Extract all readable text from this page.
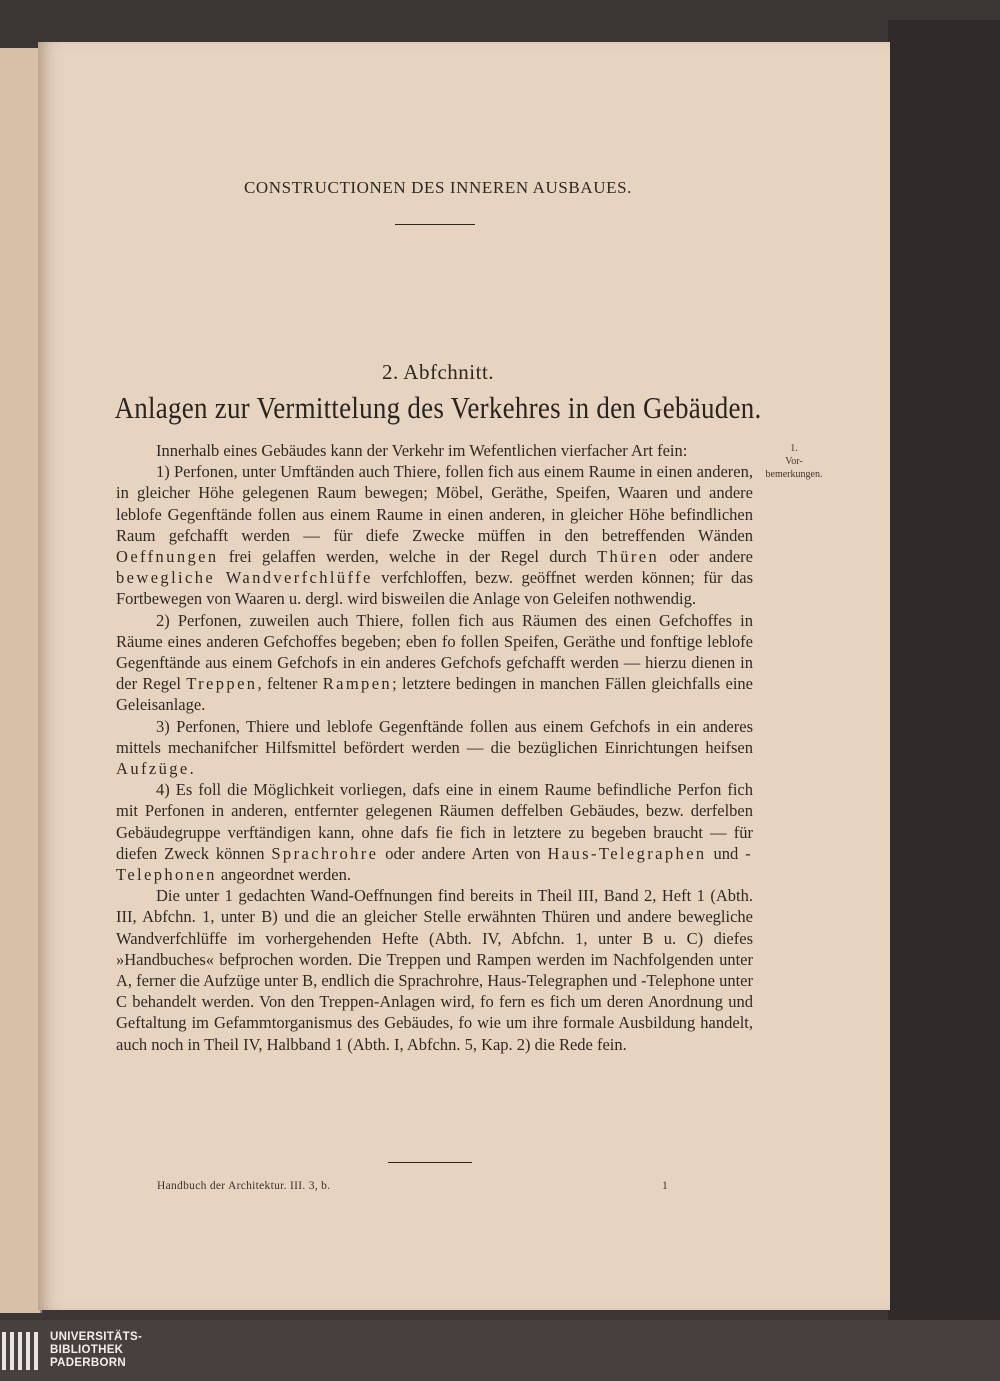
CONSTRUCTIONEN DES INNEREN AUSBAUES.
2. Abfchnitt.
Anlagen zur Vermittelung des Verkehres in den Gebäuden.
1.
Vor-
bemerkungen.

Innerhalb eines Gebäudes kann der Verkehr im Wefentlichen vierfacher Art fein:

1) Perfonen, unter Umftänden auch Thiere, follen fich aus einem Raume in einen anderen, in gleicher Höhe gelegenen Raum bewegen; Möbel, Geräthe, Speifen, Waaren und andere leblofe Gegenftände follen aus einem Raume in einen anderen, in gleicher Höhe befindlichen Raum gefchafft werden — für diefe Zwecke müffen in den betreffenden Wänden Oeffnungen frei gelaffen werden, welche in der Regel durch Thüren oder andere bewegliche Wandverfchlüffe verfchloffen, bezw. geöffnet werden können; für das Fortbewegen von Waaren u. dergl. wird bisweilen die Anlage von Geleifen nothwendig.

2) Perfonen, zuweilen auch Thiere, follen fich aus Räumen des einen Gefchoffes in Räume eines anderen Gefchoffes begeben; eben fo follen Speifen, Geräthe und fonftige leblofe Gegenftände aus einem Gefchofs in ein anderes Gefchofs gefchafft werden — hierzu dienen in der Regel Treppen, feltener Rampen; letztere bedingen in manchen Fällen gleichfalls eine Geleisanlage.

3) Perfonen, Thiere und leblofe Gegenftände follen aus einem Gefchofs in ein anderes mittels mechanifcher Hilfsmittel befördert werden — die bezüglichen Einrichtungen heifsen Aufzüge.

4) Es foll die Möglichkeit vorliegen, dafs eine in einem Raume befindliche Perfon fich mit Perfonen in anderen, entfernter gelegenen Räumen deffelben Gebäudes, bezw. derfelben Gebäudegruppe verftändigen kann, ohne dafs fie fich in letztere zu begeben braucht — für diefen Zweck können Sprachrohre oder andere Arten von Haus-Telegraphen und -Telephonen angeordnet werden.

Die unter 1 gedachten Wand-Oeffnungen find bereits in Theil III, Band 2, Heft 1 (Abth. III, Abfchn. 1, unter B) und die an gleicher Stelle erwähnten Thüren und andere bewegliche Wandverfchlüffe im vorhergehenden Hefte (Abth. IV, Abfchn. 1, unter B u. C) diefes »Handbuches« befprochen worden. Die Treppen und Rampen werden im Nachfolgenden unter A, ferner die Aufzüge unter B, endlich die Sprachrohre, Haus-Telegraphen und -Telephone unter C behandelt werden. Von den Treppen-Anlagen wird, fo fern es fich um deren Anordnung und Geftaltung im Gefammtorganismus des Gebäudes, fo wie um ihre formale Ausbildung handelt, auch noch in Theil IV, Halbband 1 (Abth. I, Abfchn. 5, Kap. 2) die Rede fein.

Handbuch der Architektur. III. 3, b.	1
UNIVERSITÄTS-
BIBLIOTHEK
PADERBORN
